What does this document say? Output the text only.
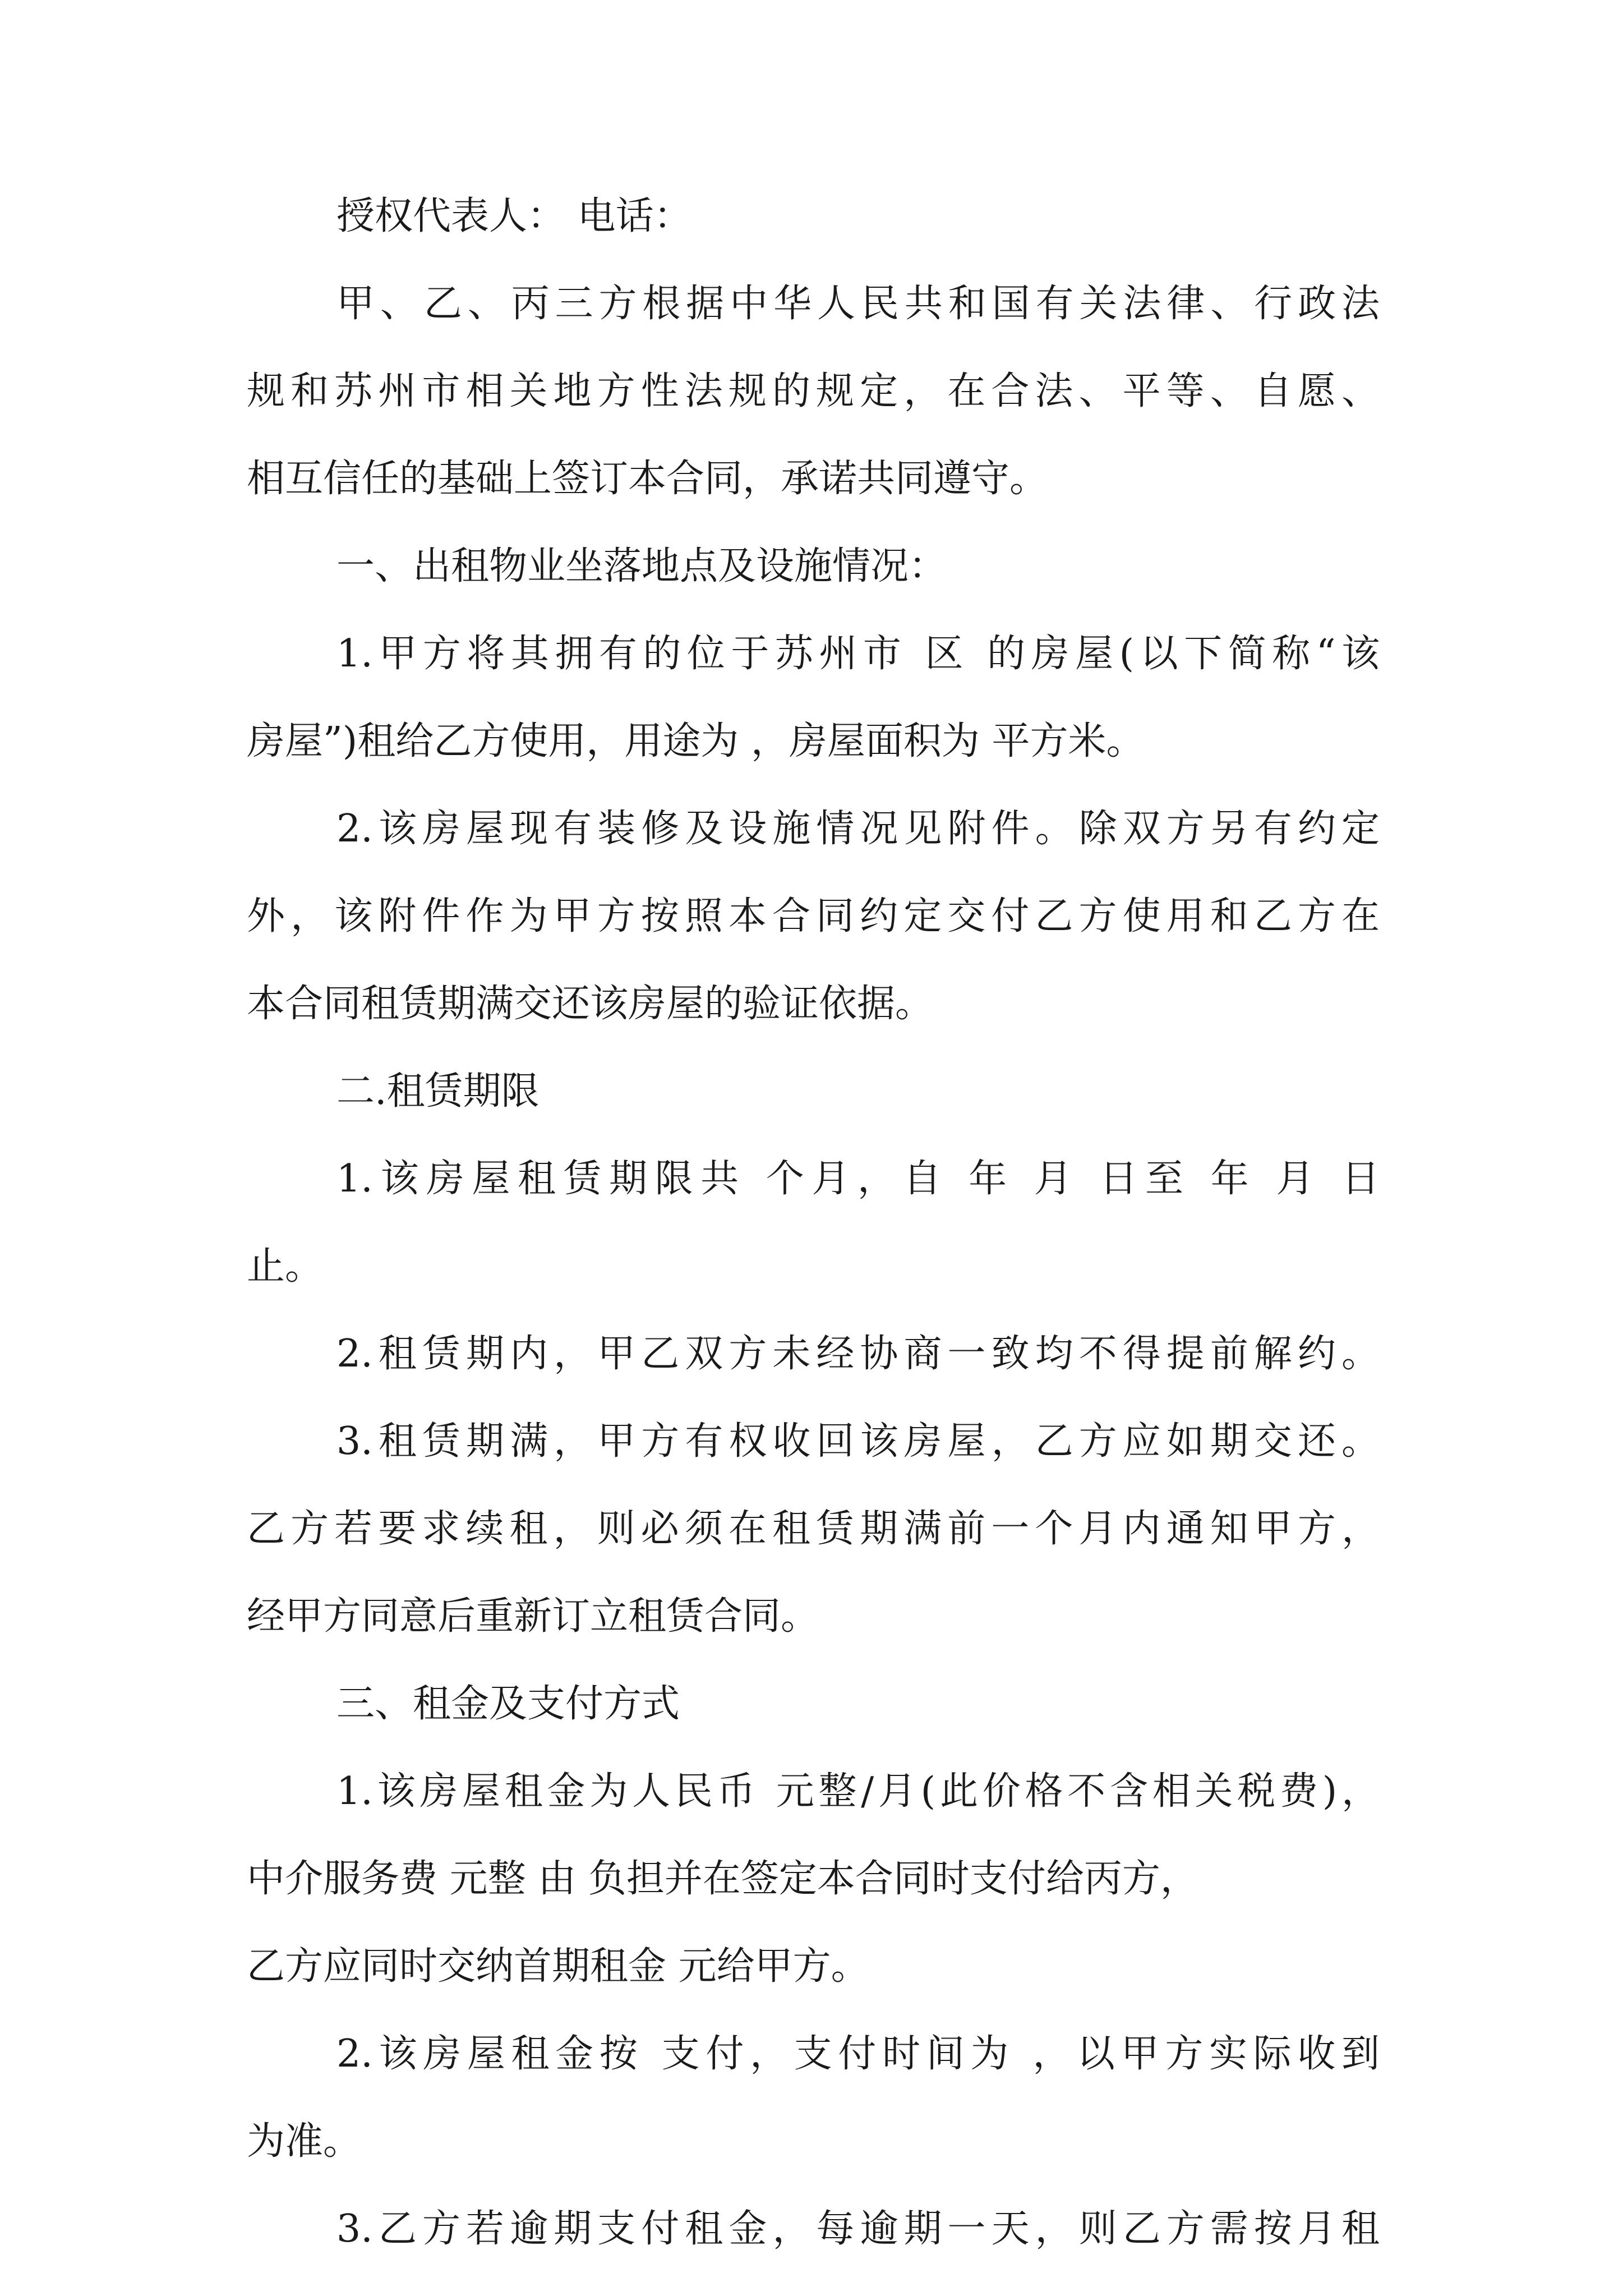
授权代表人： 电话：
甲、乙、丙三方根据中华人民共和国有关法律、行政法
规和苏州市相关地方性法规的规定，在合法、平等、自愿、
相互信任的基础上签订本合同，承诺共同遵守。
一、出租物业坐落地点及设施情况：
1.甲方将其拥有的位于苏州市 区 的房屋(以下简称“该
房屋”)租给乙方使用，用途为 ，房屋面积为 平方米。
2.该房屋现有装修及设施情况见附件。除双方另有约定
外，该附件作为甲方按照本合同约定交付乙方使用和乙方在
本合同租赁期满交还该房屋的验证依据。
二.租赁期限
1.该房屋租赁期限共 个月，自 年 月 日至 年 月 日
止。
2.租赁期内，甲乙双方未经协商一致均不得提前解约。
3.租赁期满，甲方有权收回该房屋，乙方应如期交还。
乙方若要求续租，则必须在租赁期满前一个月内通知甲方，
经甲方同意后重新订立租赁合同。
三、租金及支付方式
1.该房屋租金为人民币 元整/月(此价格不含相关税费)，
中介服务费 元整 由 负担并在签定本合同时支付给丙方，
乙方应同时交纳首期租金 元给甲方。
2.该房屋租金按 支付，支付时间为 ，以甲方实际收到
为准。
3.乙方若逾期支付租金，每逾期一天，则乙方需按月租
